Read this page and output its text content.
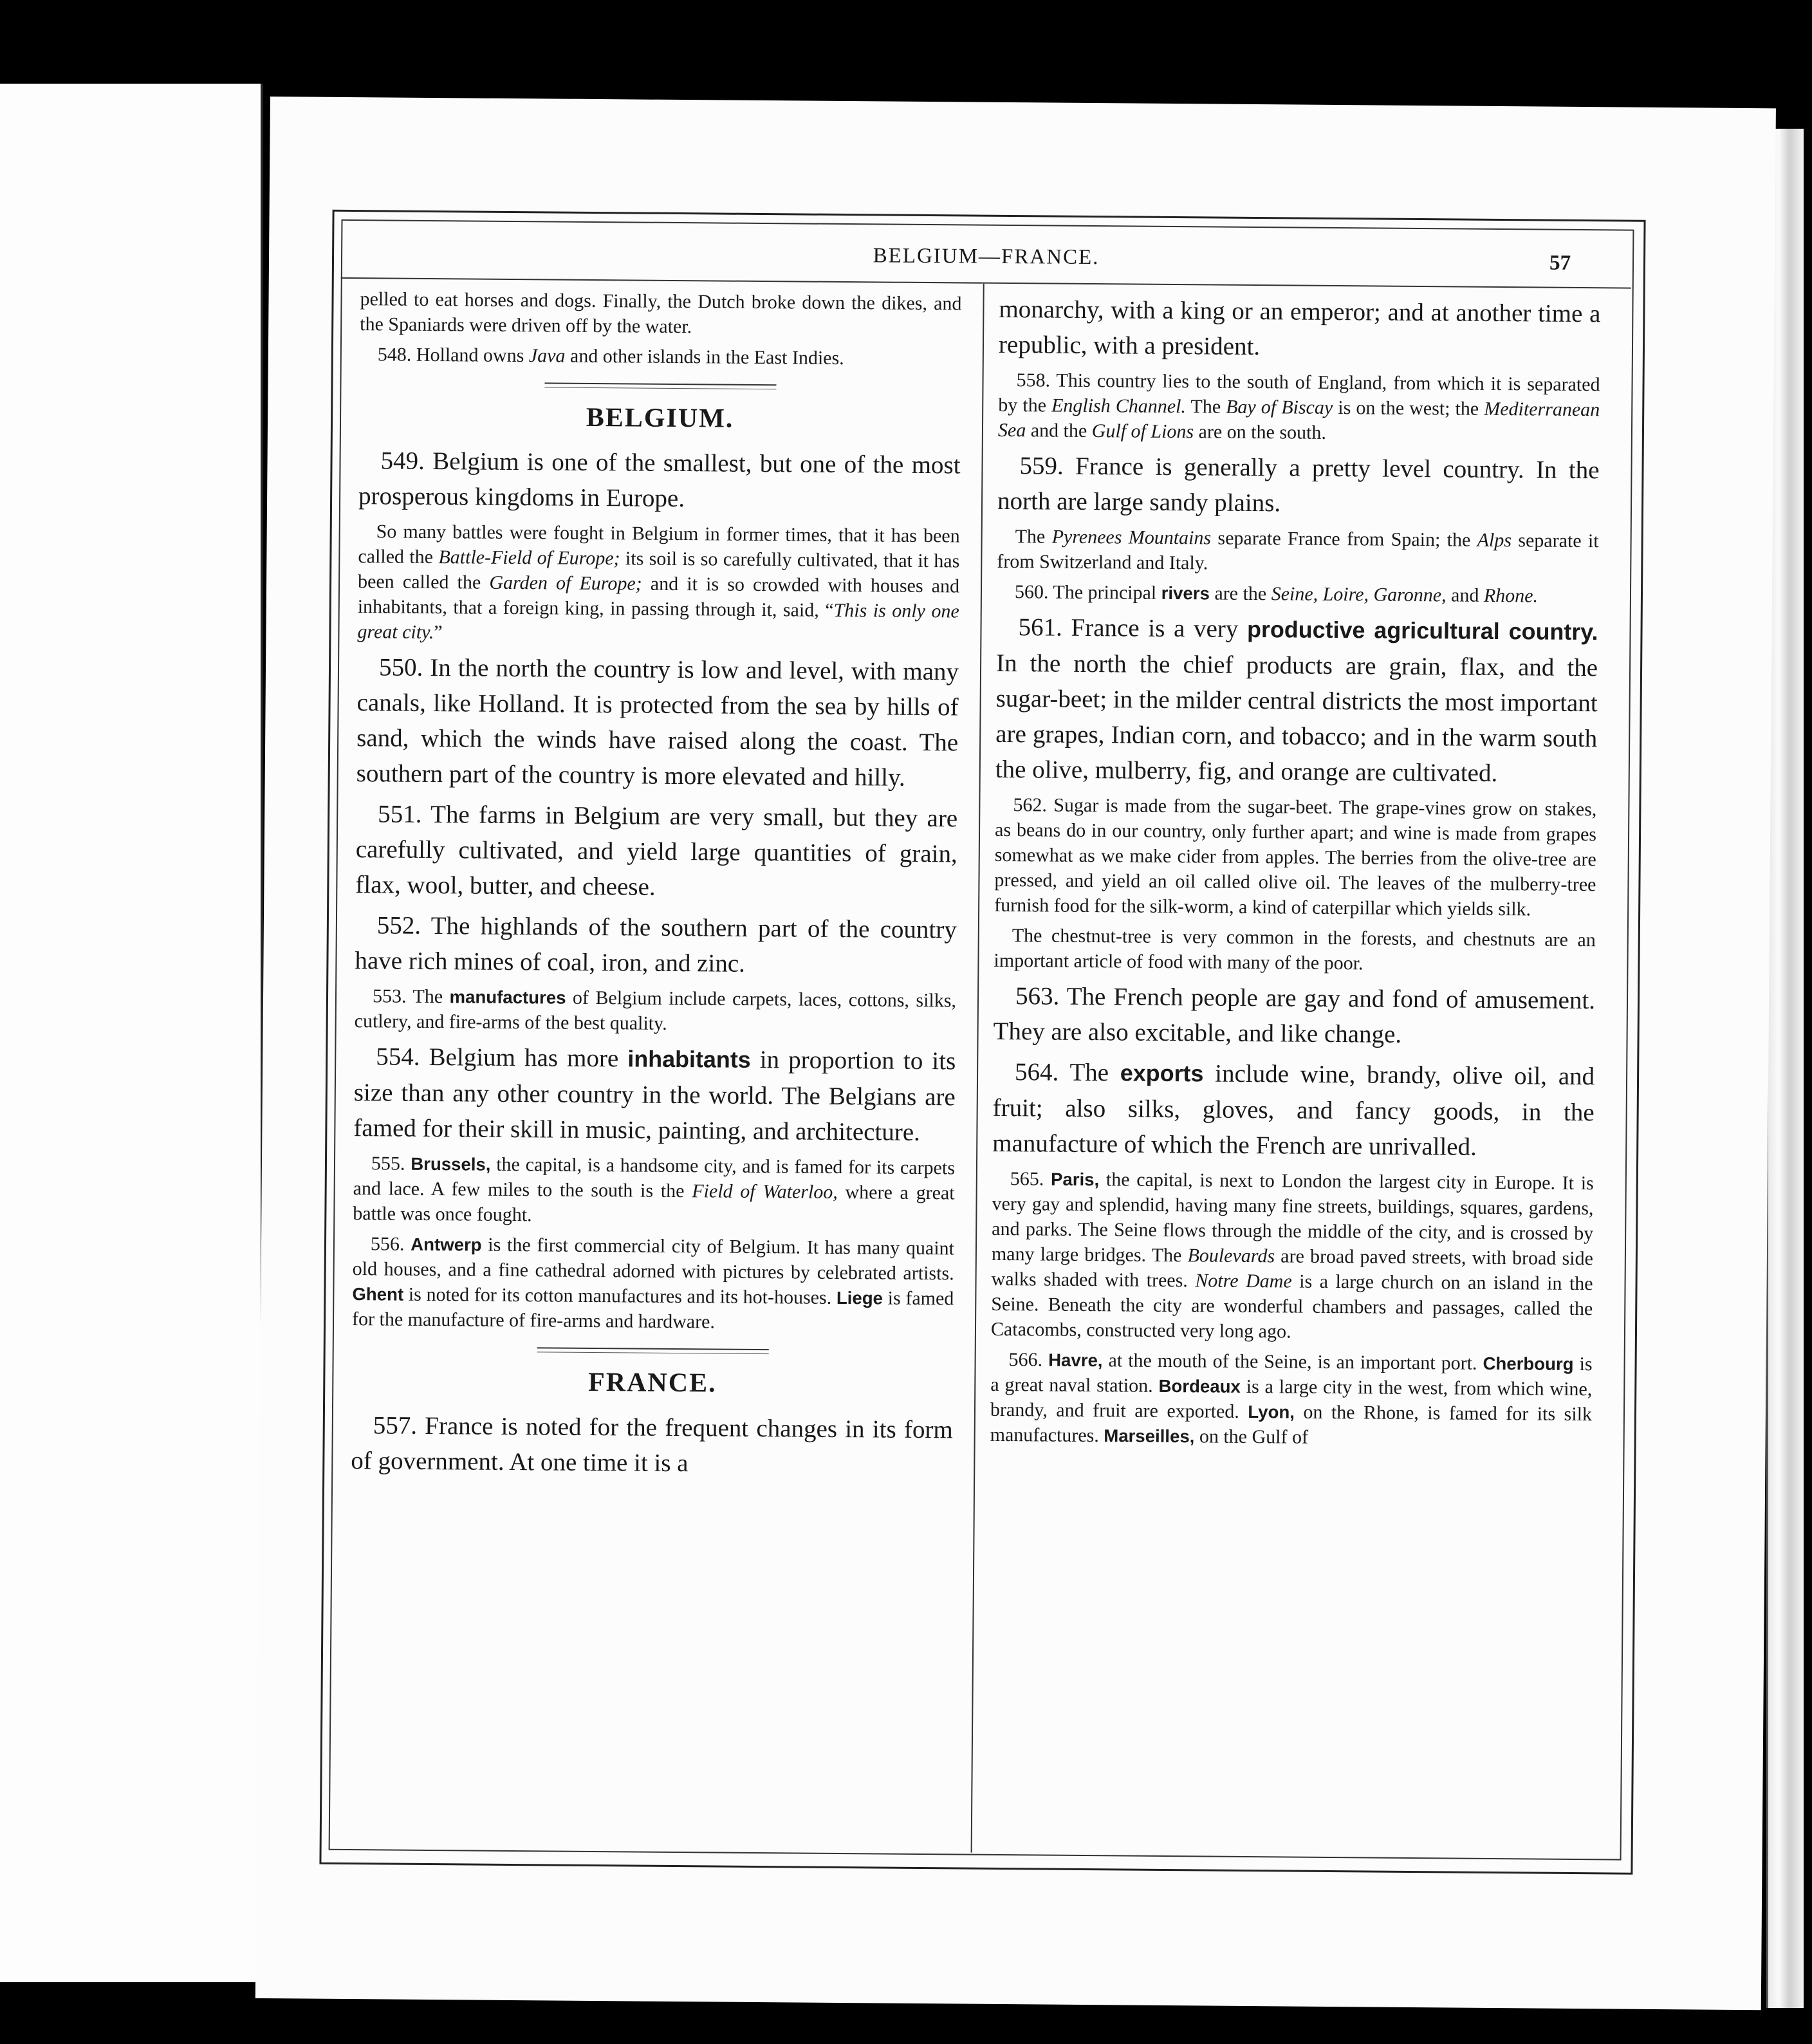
BELGIUM—FRANCE.	57

pelled to eat horses and dogs. Finally, the Dutch broke down the dikes, and the Spaniards were driven off by the water.

548. Holland owns Java and other islands in the East Indies.

BELGIUM.

549. Belgium is one of the smallest, but one of the most prosperous kingdoms in Europe.

So many battles were fought in Belgium in former times, that it has been called the Battle-Field of Europe; its soil is so carefully cultivated, that it has been called the Garden of Europe; and it is so crowded with houses and inhabitants, that a foreign king, in passing through it, said, “This is only one great city.”

550. In the north the country is low and level, with many canals, like Holland. It is protected from the sea by hills of sand, which the winds have raised along the coast. The southern part of the country is more elevated and hilly.

551. The farms in Belgium are very small, but they are carefully cultivated, and yield large quantities of grain, flax, wool, butter, and cheese.

552. The highlands of the southern part of the country have rich mines of coal, iron, and zinc.

553. The manufactures of Belgium include carpets, laces, cottons, silks, cutlery, and fire-arms of the best quality.

554. Belgium has more inhabitants in proportion to its size than any other country in the world. The Belgians are famed for their skill in music, painting, and architecture.

555. Brussels, the capital, is a handsome city, and is famed for its carpets and lace. A few miles to the south is the Field of Waterloo, where a great battle was once fought.

556. Antwerp is the first commercial city of Belgium. It has many quaint old houses, and a fine cathedral adorned with pictures by celebrated artists. Ghent is noted for its cotton manufactures and its hot-houses. Liege is famed for the manufacture of fire-arms and hardware.

FRANCE.

557. France is noted for the frequent changes in its form of government. At one time it is a

monarchy, with a king or an emperor; and at another time a republic, with a president.

558. This country lies to the south of England, from which it is separated by the English Channel. The Bay of Biscay is on the west; the Mediterranean Sea and the Gulf of Lions are on the south.

559. France is generally a pretty level country. In the north are large sandy plains.

The Pyrenees Mountains separate France from Spain; the Alps separate it from Switzerland and Italy.

560. The principal rivers are the Seine, Loire, Garonne, and Rhone.

561. France is a very productive agricultural country. In the north the chief products are grain, flax, and the sugar-beet; in the milder central districts the most important are grapes, Indian corn, and tobacco; and in the warm south the olive, mulberry, fig, and orange are cultivated.

562. Sugar is made from the sugar-beet. The grape-vines grow on stakes, as beans do in our country, only further apart; and wine is made from grapes somewhat as we make cider from apples. The berries from the olive-tree are pressed, and yield an oil called olive oil. The leaves of the mulberry-tree furnish food for the silk-worm, a kind of caterpillar which yields silk.

The chestnut-tree is very common in the forests, and chestnuts are an important article of food with many of the poor.

563. The French people are gay and fond of amusement. They are also excitable, and like change.

564. The exports include wine, brandy, olive oil, and fruit; also silks, gloves, and fancy goods, in the manufacture of which the French are unrivalled.

565. Paris, the capital, is next to London the largest city in Europe. It is very gay and splendid, having many fine streets, buildings, squares, gardens, and parks. The Seine flows through the middle of the city, and is crossed by many large bridges. The Boulevards are broad paved streets, with broad side walks shaded with trees. Notre Dame is a large church on an island in the Seine. Beneath the city are wonderful chambers and passages, called the Catacombs, constructed very long ago.

566. Havre, at the mouth of the Seine, is an important port. Cherbourg is a great naval station. Bordeaux is a large city in the west, from which wine, brandy, and fruit are exported. Lyon, on the Rhone, is famed for its silk manufactures. Marseilles, on the Gulf of
